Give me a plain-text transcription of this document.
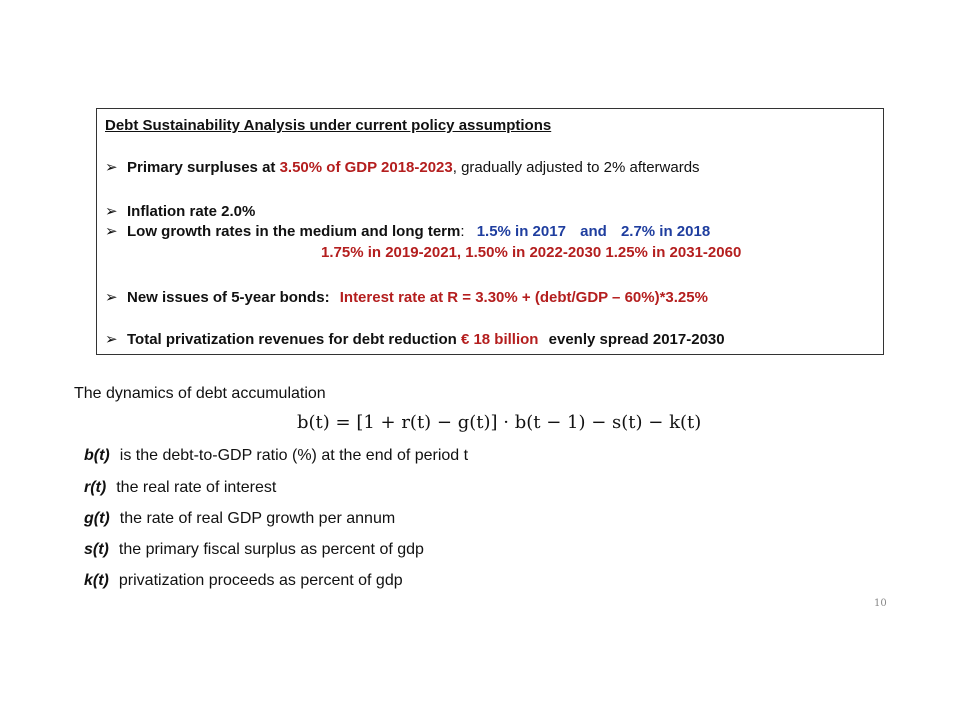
Debt Sustainability Analysis under current policy assumptions
➢ Primary surpluses at 3.50% of GDP 2018-2023, gradually adjusted to 2% afterwards
➢ Inflation rate 2.0%
➢ Low growth rates in the medium and long term: 1.5% in 2017 and 2.7% in 2018
1.75% in 2019-2021, 1.50% in 2022-2030 1.25% in 2031-2060
➢ New issues of 5-year bonds: Interest rate at R = 3.30% + (debt/GDP – 60%)*3.25%
➢ Total privatization revenues for debt reduction € 18 billion evenly spread 2017-2030
The dynamics of debt accumulation
b(t) = [1 + r(t) − g(t)] · b(t − 1) − s(t) − k(t)
b(t) is the debt-to-GDP ratio (%) at the end of period t
r(t) the real rate of interest
g(t) the rate of real GDP growth per annum
s(t) the primary fiscal surplus as percent of gdp
k(t) privatization proceeds as percent of gdp
10
